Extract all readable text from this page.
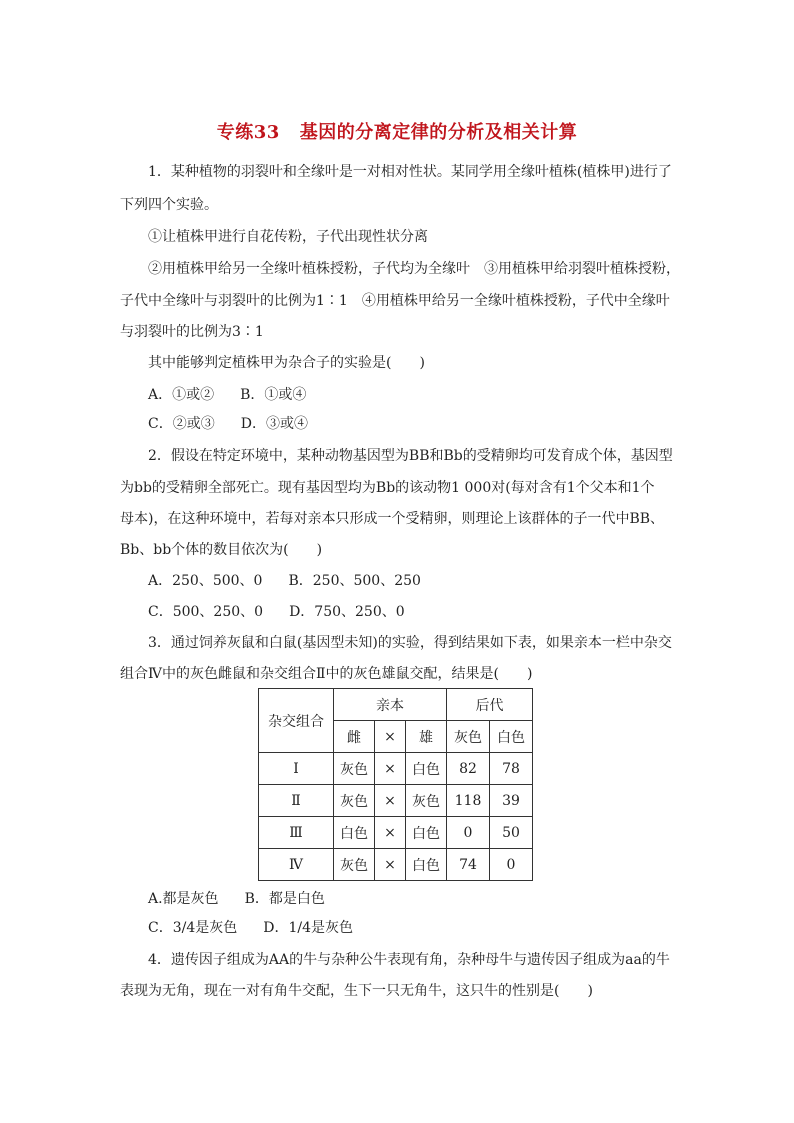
专练33 基因的分离定律的分析及相关计算
1．某种植物的羽裂叶和全缘叶是一对相对性状。某同学用全缘叶植株(植株甲)进行了
下列四个实验。
①让植株甲进行自花传粉，子代出现性状分离
②用植株甲给另一全缘叶植株授粉，子代均为全缘叶　③用植株甲给羽裂叶植株授粉，
子代中全缘叶与羽裂叶的比例为1∶1　④用植株甲给另一全缘叶植株授粉，子代中全缘叶
与羽裂叶的比例为3∶1
其中能够判定植株甲为杂合子的实验是(　　)
A．①或② B．①或④
C．②或③ D．③或④
2．假设在特定环境中，某种动物基因型为BB和Bb的受精卵均可发育成个体，基因型
为bb的受精卵全部死亡。现有基因型均为Bb的该动物1 000对(每对含有1个父本和1个
母本)，在这种环境中，若每对亲本只形成一个受精卵，则理论上该群体的子一代中BB、
Bb、bb个体的数目依次为(　　)
A．250、500、0 B．250、500、250
C．500、250、0 D．750、250、0
3．通过饲养灰鼠和白鼠(基因型未知)的实验，得到结果如下表，如果亲本一栏中杂交
组合Ⅳ中的灰色雌鼠和杂交组合Ⅱ中的灰色雄鼠交配，结果是(　　)
杂交组合	亲本			后代	
	雌	×	雄	灰色	白色
Ⅰ	灰色	×	白色	82	78
Ⅱ	灰色	×	灰色	118	39
Ⅲ	白色	×	白色	0	50
Ⅳ	灰色	×	白色	74	0
A.都是灰色 B．都是白色
C．3/4是灰色 D．1/4是灰色
4．遗传因子组成为AA的牛与杂种公牛表现有角，杂种母牛与遗传因子组成为aa的牛
表现为无角，现在一对有角牛交配，生下一只无角牛，这只牛的性别是(　　)
